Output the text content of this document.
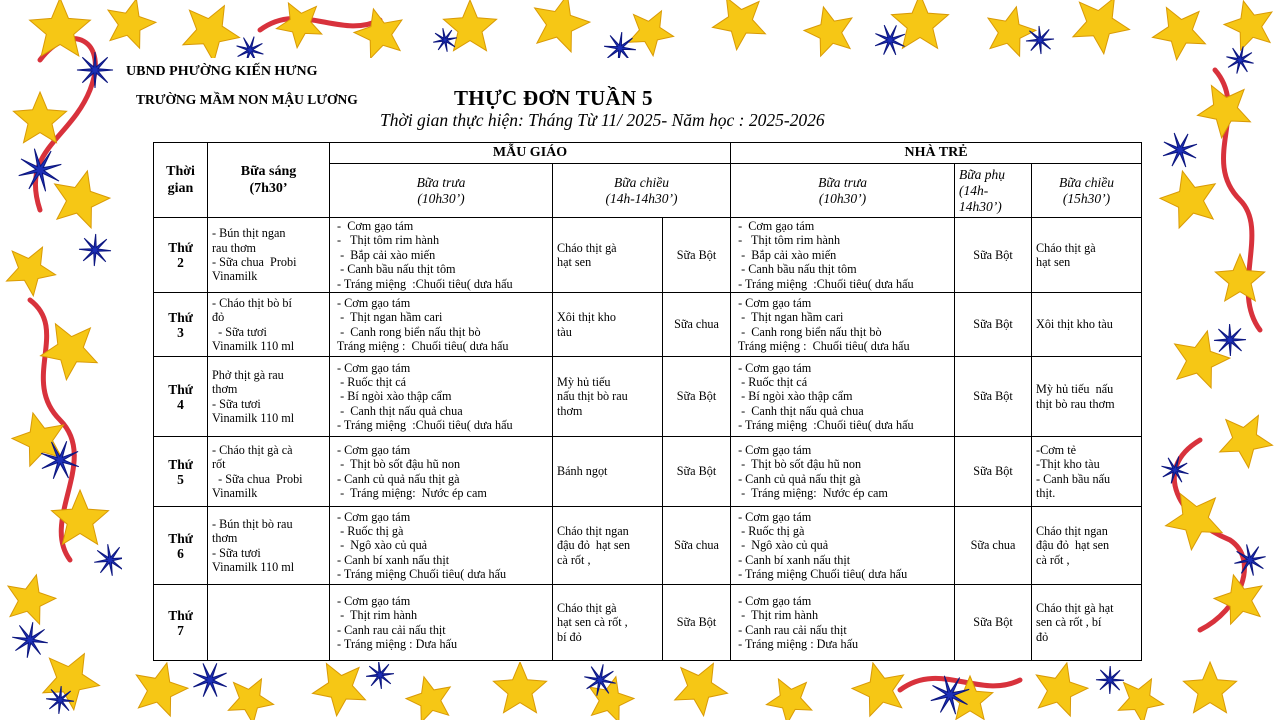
UBND PHƯỜNG KIẾN HƯNG
TRƯỜNG MẦM NON MẬU LƯƠNG	THỰC ĐƠN TUẦN 5
Thời gian thực hiện: Tháng Từ 11/ 2025- Năm học : 2025-2026
Thời
gian	Bữa sáng
(7h30’	MẪU GIÁO			NHÀ TRẺ		

		Bữa trưa
(10h30’)	Bữa chiều
(14h-14h30’)		Bữa trưa
(10h30’)	Bữa phụ
(14h-
14h30’)	Bữa chiều
(15h30’)

Thứ
2	- Bún thịt ngan
rau thơm
- Sữa chua  Probi
Vinamilk	-  Cơm gạo tám
-   Thịt tôm rim hành
-  Bắp cải xào miến
- Canh bầu nấu thịt tôm
- Tráng miệng  :Chuối tiêu( dưa hấu	Cháo thịt gà
hạt sen	Sữa Bột	-  Cơm gạo tám
-   Thịt tôm rim hành
-  Bắp cải xào miến
- Canh bầu nấu thịt tôm
- Tráng miệng  :Chuối tiêu( dưa hấu	Sữa Bột	Cháo thịt gà
hạt sen

Thứ
3	- Cháo thịt bò bí
đỏ
- Sữa tươi
Vinamilk 110 ml	- Cơm gạo tám
-  Thịt ngan hầm cari
-  Canh rong biển nấu thịt bò
Tráng miệng :  Chuối tiêu( dưa hấu	Xôi thịt kho
tàu	Sữa chua	- Cơm gạo tám
-  Thịt ngan hầm cari
-  Canh rong biển nấu thịt bò
Tráng miệng :  Chuối tiêu( dưa hấu	Sữa Bột	Xôi thịt kho tàu

Thứ
4	Phở thịt gà rau
thơm
- Sữa tươi
Vinamilk 110 ml	- Cơm gạo tám
- Ruốc thịt cá
- Bí ngòi xào thập cẩm
-  Canh thịt nấu quả chua
- Tráng miệng  :Chuối tiêu( dưa hấu	Mỳ hủ tiếu
nấu thịt bò rau
thơm	Sữa Bột	- Cơm gạo tám
- Ruốc thịt cá
- Bí ngòi xào thập cẩm
-  Canh thịt nấu quả chua
- Tráng miệng  :Chuối tiêu( dưa hấu	Sữa Bột	Mỳ hủ tiếu  nấu
thịt bò rau thơm

Thứ
5	- Cháo thịt gà cà
rốt
- Sữa chua  Probi
Vinamilk	- Cơm gạo tám
-  Thịt bò sốt đậu hũ non
- Canh củ quả nấu thịt gà
-  Tráng miệng:  Nước ép cam	Bánh ngọt	Sữa Bột	- Cơm gạo tám
-  Thịt bò sốt đậu hũ non
- Canh củ quả nấu thịt gà
-  Tráng miệng:  Nước ép cam	Sữa Bột	-Cơm tẻ
-Thịt kho tàu
- Canh bầu nấu
thịt.

Thứ
6	- Bún thịt bò rau
thơm
- Sữa tươi
Vinamilk 110 ml	- Cơm gạo tám
- Ruốc thị gà
-  Ngô xào củ quả
- Canh bí xanh nấu thịt
- Tráng miệng Chuối tiêu( dưa hấu	Cháo thịt ngan
đậu đỏ  hạt sen
cà rốt ,	Sữa chua	- Cơm gạo tám
- Ruốc thị gà
-  Ngô xào củ quả
- Canh bí xanh nấu thịt
- Tráng miệng Chuối tiêu( dưa hấu	Sữa chua	Cháo thịt ngan
đậu đỏ  hạt sen
cà rốt ,

Thứ
7		- Cơm gạo tám
-  Thịt rim hành
- Canh rau cải nấu thịt
- Tráng miệng : Dưa hấu	Cháo thịt gà
hạt sen cà rốt ,
bí đỏ	Sữa Bột	- Cơm gạo tám
-  Thịt rim hành
- Canh rau cải nấu thịt
- Tráng miệng : Dưa hấu	Sữa Bột	Cháo thịt gà hạt
sen cà rốt , bí
đỏ
